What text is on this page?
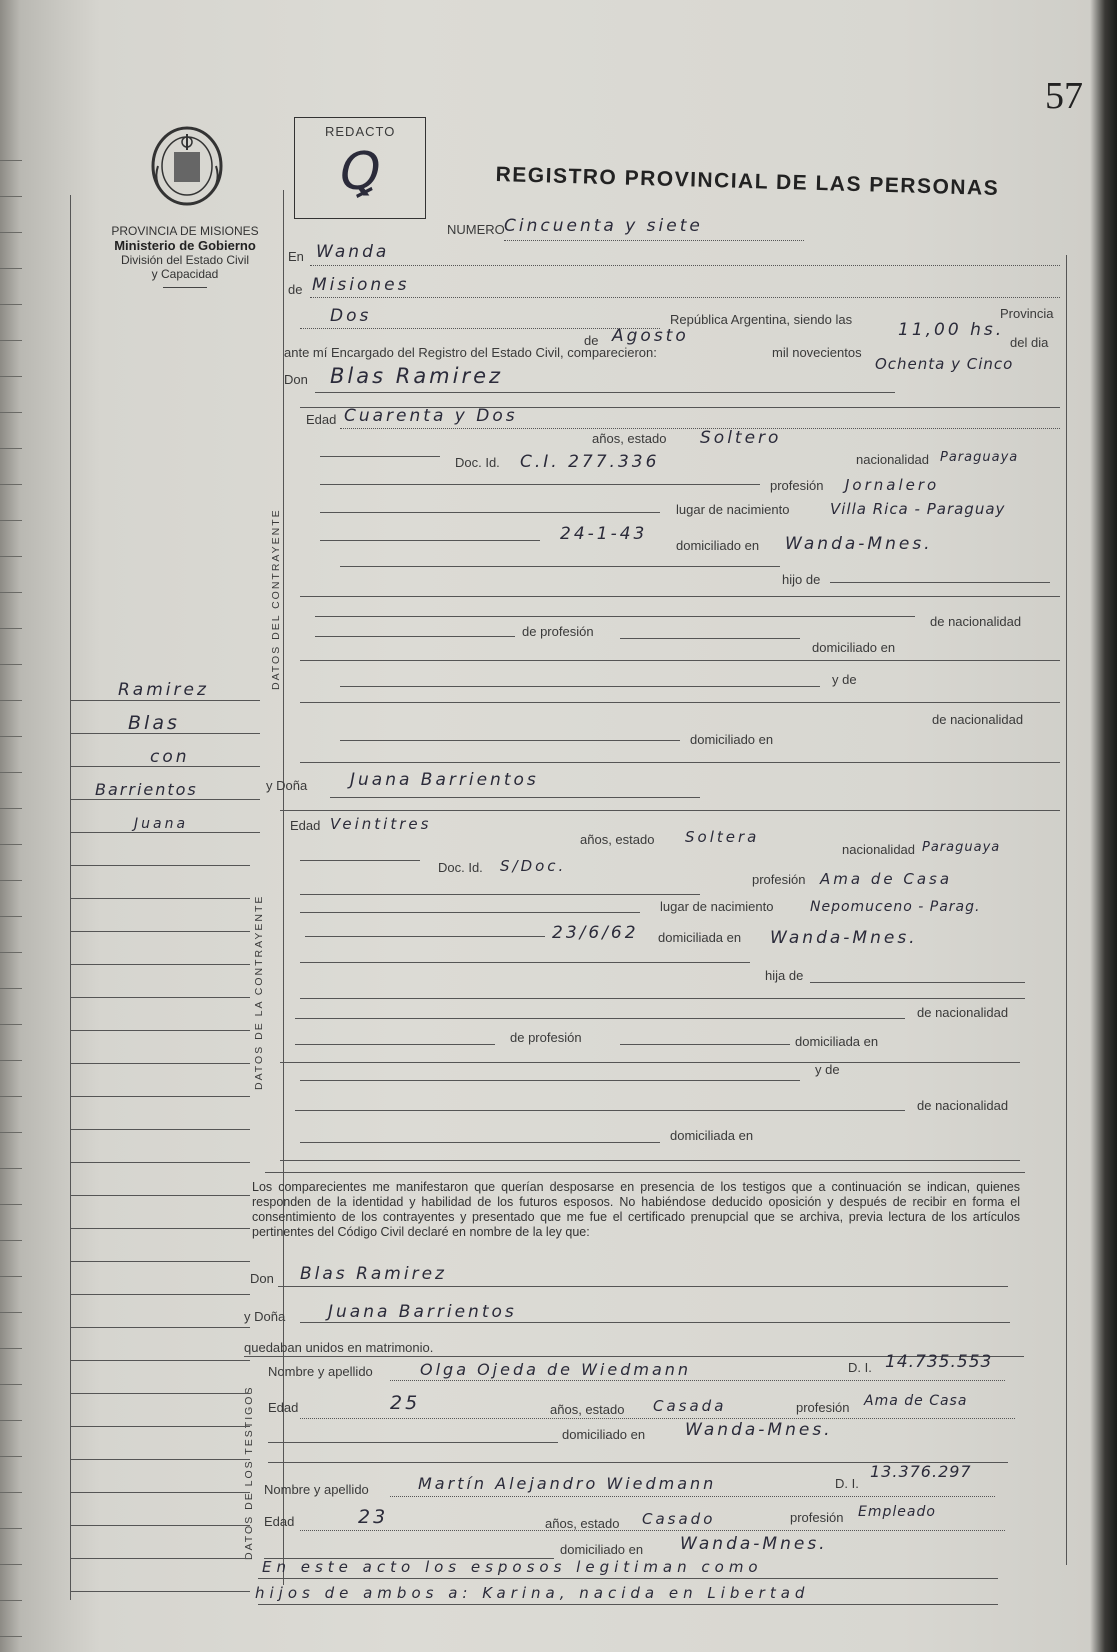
57
REDACTO
Ꝗ	REGISTRO PROVINCIAL DE LAS PERSONAS
PROVINCIA DE MISIONES
Ministerio de Gobierno
División del Estado Civil
y Capacidad
NUMERO Cincuenta y siete
En Wanda
de Misiones
Dos	República Argentina, siendo las
11,00 hs.
Provincia
de Agosto
mil novecientos
del dia
Ochenta y Cinco
ante mí Encargado del Registro del Estado Civil, comparecieron:
Don Blas Ramirez
DATOS DEL CONTRAYENTE
Edad Cuarenta y Dos
años, estado Soltero
nacionalidad Paraguaya
Doc. Id. C.I. 277.336
profesión Jornalero
lugar de nacimiento	Villa Rica - Paraguay
24-1-43
domiciliado en Wanda-Mnes.
hijo de
de nacionalidad
de profesión
domiciliado en
y de
de nacionalidad
domiciliado en
Ramirez
Blas
con
Barrientos
Juana
y Doña	Juana Barrientos
DATOS DE LA CONTRAYENTE
Edad Veintitres
años, estado Soltera
nacionalidad Paraguaya
Doc. Id. S/Doc.
profesión Ama de Casa
lugar de nacimiento	Nepomuceno - Parag.
23/6/62 domiciliada en Wanda-Mnes.
hija de
de nacionalidad
de profesión	domiciliada en
y de
de nacionalidad
domiciliada en
Los comparecientes me manifestaron que querían desposarse en presencia de los testigos que a continuación se indican, quienes responden de la identidad y habilidad de los futuros esposos. No habiéndose deducido oposición y después de recibir en forma el consentimiento de los contrayentes y presentado que me fue el certificado prenupcial que se archiva, previa lectura de los artículos pertinentes del Código Civil declaré en nombre de la ley que:
Don Blas Ramirez
y Doña	Juana Barrientos
quedaban unidos en matrimonio.
DATOS DE LOS TESTIGOS
Nombre y apellido	Olga Ojeda de Wiedmann	D. I. 14.735.553
Edad	25	años, estado Casada	profesión Ama de Casa
domiciliado en Wanda-Mnes.
Nombre y apellido	Martín Alejandro Wiedmann	D. I.
13.376.297
Edad	23	años, estado Casado	profesión Empleado
domiciliado en Wanda-Mnes.
En este acto los esposos legitiman como
hijos de ambos a: Karina, nacida en Libertad
